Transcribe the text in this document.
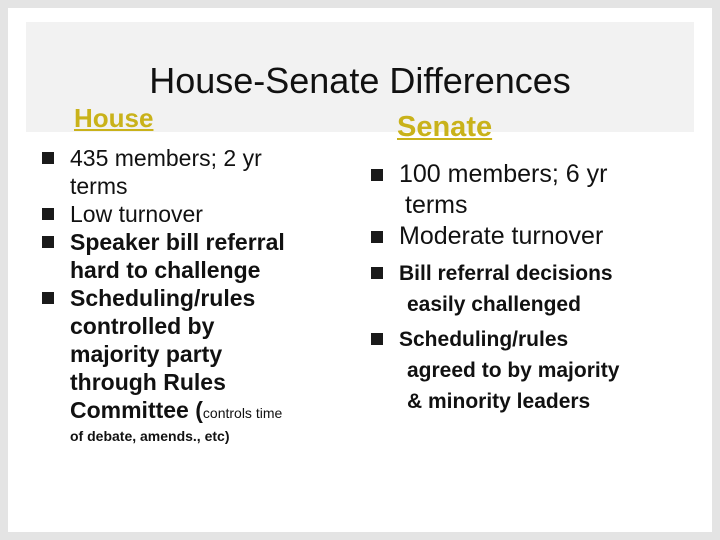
House-Senate Differences
House	Senate
435 members; 2 yr
terms
Low turnover
Speaker bill referral
hard to challenge
Scheduling/rules
controlled by
majority party
through Rules
Committee (controls time
of debate, amends., etc)
100 members; 6 yr

terms
Moderate turnover
Bill referral decisions

easily challenged
Scheduling/rules

agreed to by majority
& minority leaders
